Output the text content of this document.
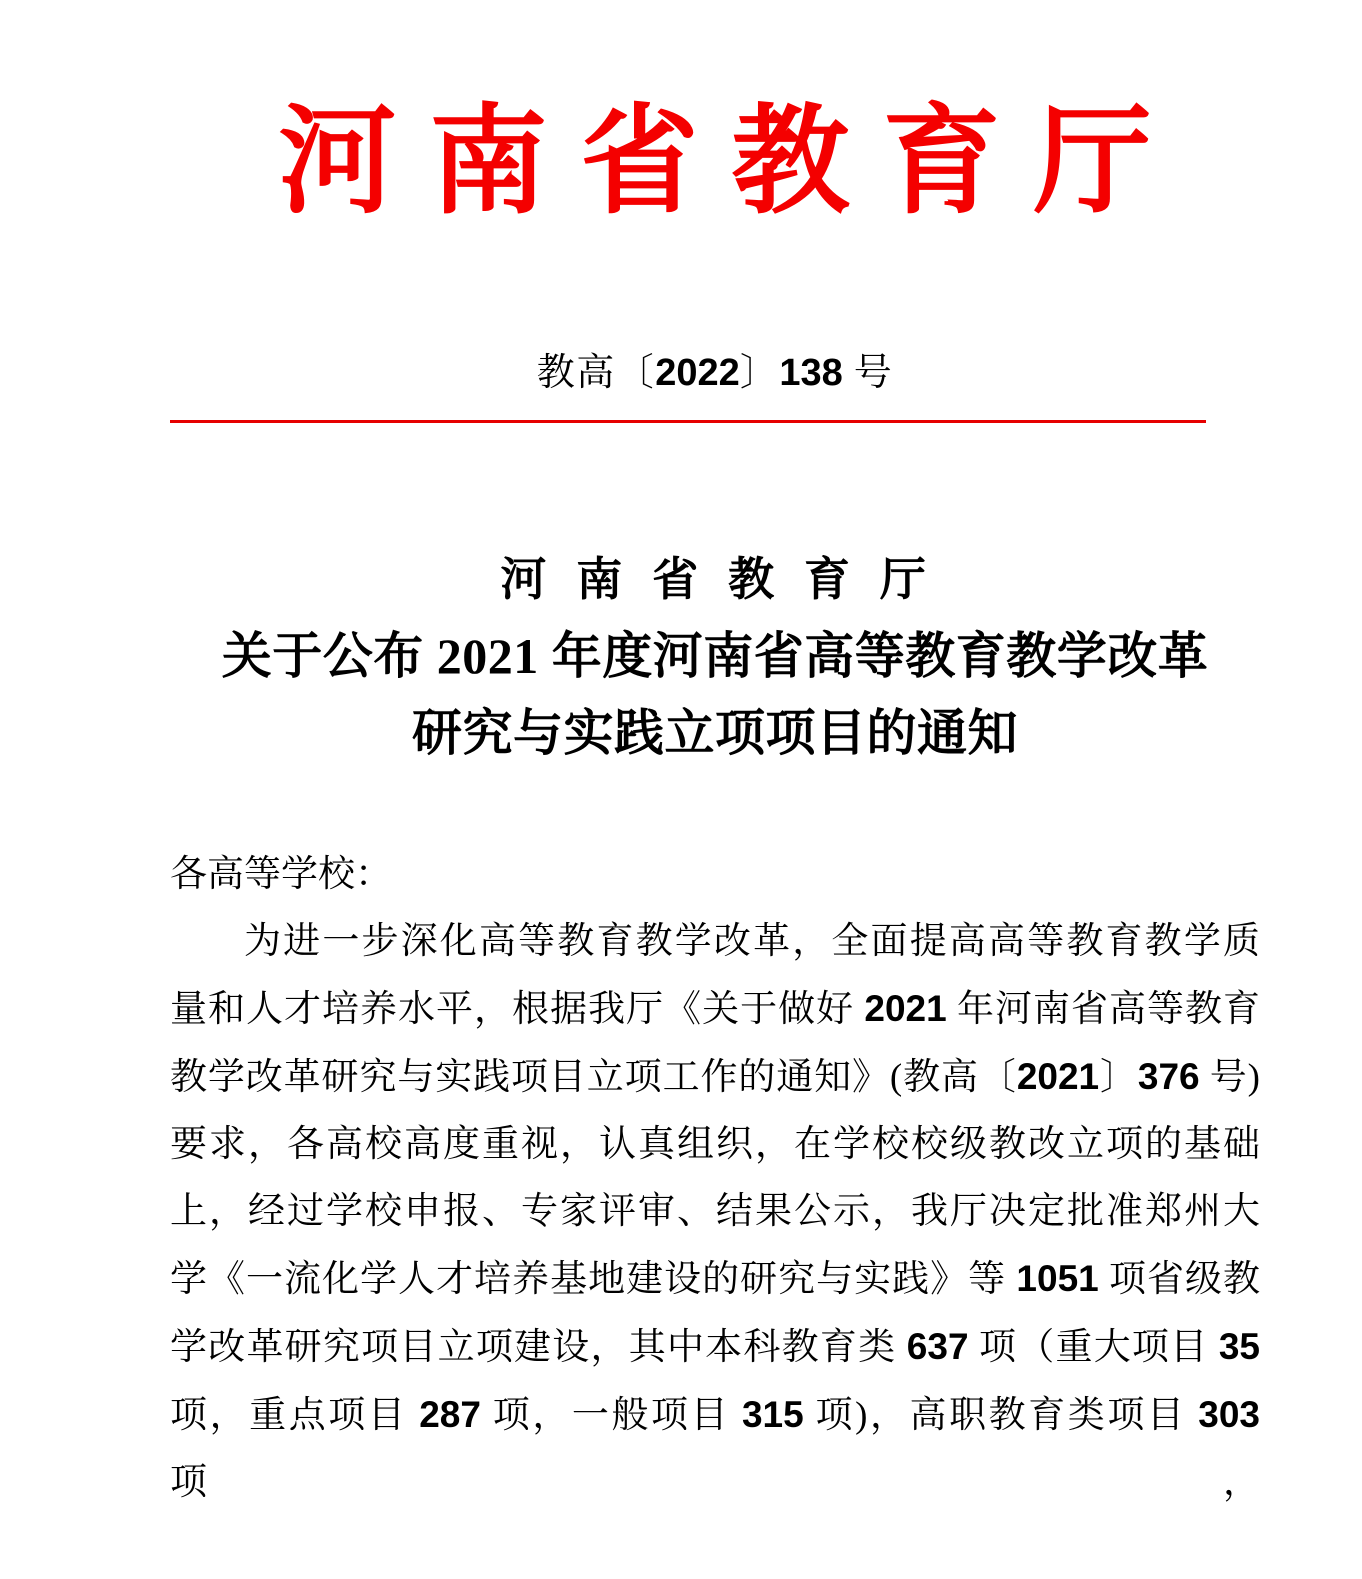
河南省教育厅
教高〔2022〕138 号
河 南 省 教 育 厅
关于公布 2021 年度河南省高等教育教学改革
研究与实践立项项目的通知
各高等学校：
为进一步深化高等教育教学改革，全面提高高等教育教学质
量和人才培养水平，根据我厅《关于做好 2021 年河南省高等教育
教学改革研究与实践项目立项工作的通知》(教高〔2021〕376 号)
要求，各高校高度重视，认真组织，在学校校级教改立项的基础
上，经过学校申报、专家评审、结果公示，我厅决定批准郑州大
学《一流化学人才培养基地建设的研究与实践》等 1051 项省级教
学改革研究项目立项建设，其中本科教育类 637 项（重大项目 35
项，重点项目 287 项，一般项目 315 项)，高职教育类项目 303 项，
